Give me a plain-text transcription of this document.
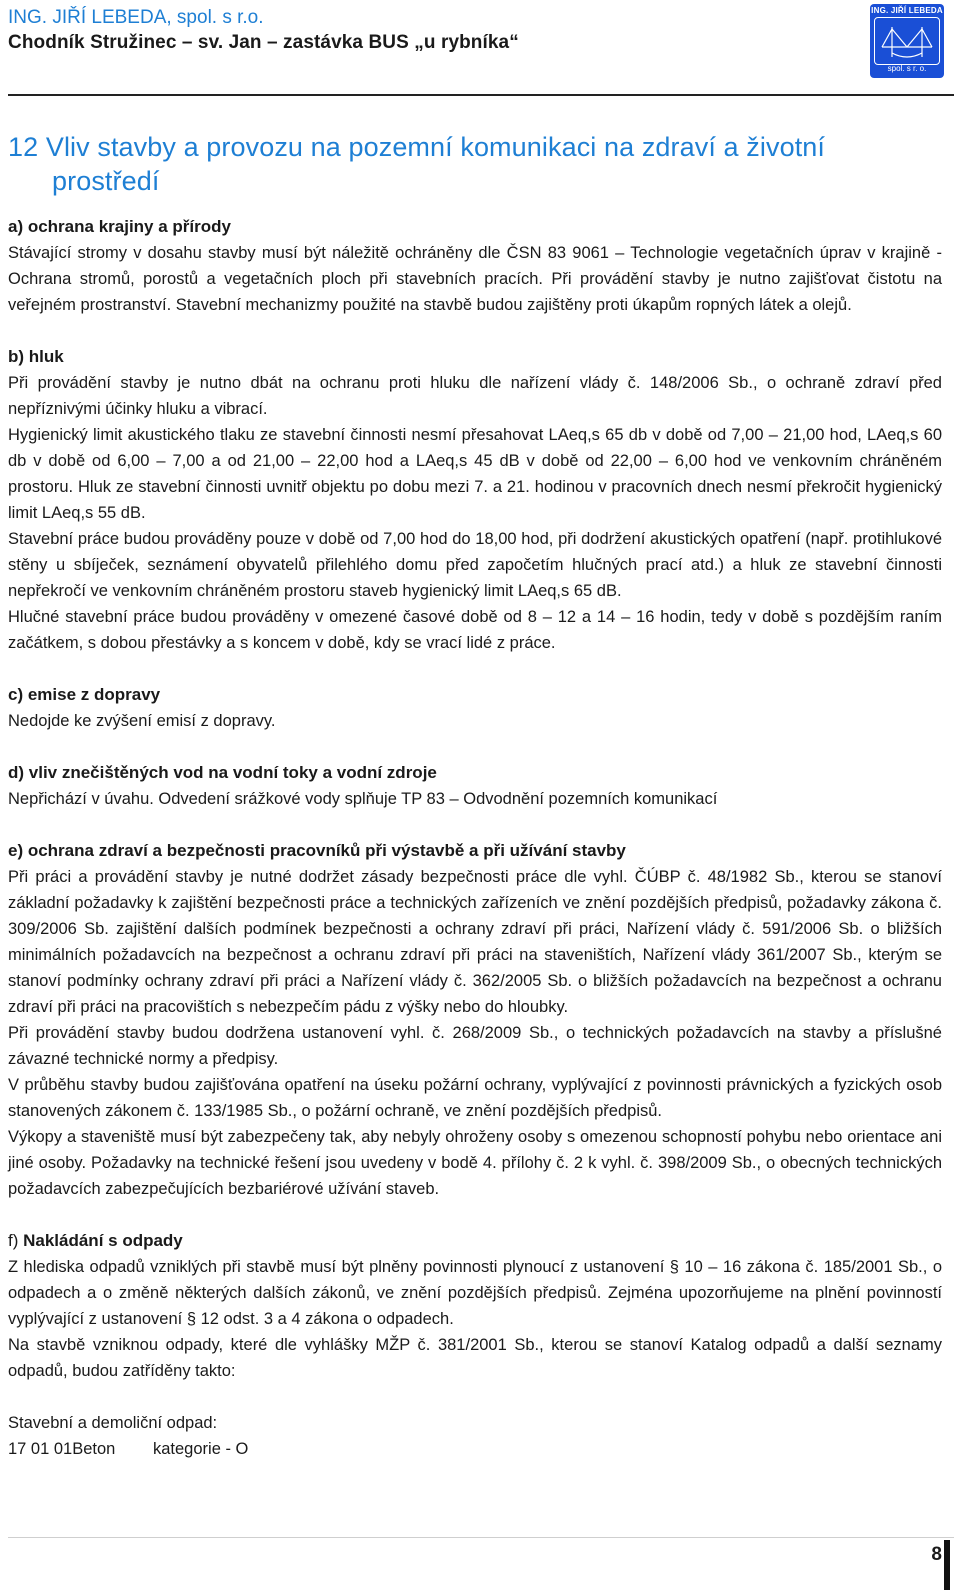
ING. JIŘÍ LEBEDA, spol. s r.o.
Chodník Stružinec – sv. Jan – zastávka BUS „u rybníka“
ING. JIŘÍ LEBEDA
spol. s r. o.
12 Vliv stavby a provozu na pozemní komunikaci na zdraví a životní
prostředí
a) ochrana krajiny a přírody

Stávající stromy v dosahu stavby musí být náležitě ochráněny dle ČSN 83 9061 – Technologie vegetačních úprav v krajině - Ochrana stromů, porostů a vegetačních ploch při stavebních pracích. Při provádění stavby je nutno zajišťovat čistotu na veřejném prostranství. Stavební mechanizmy použité na stavbě budou zajištěny proti úkapům ropných látek a olejů.

b) hluk

Při provádění stavby je nutno dbát na ochranu proti hluku dle nařízení vlády č. 148/2006 Sb., o ochraně zdraví před nepříznivými účinky hluku a vibrací.

Hygienický limit akustického tlaku ze stavební činnosti nesmí přesahovat LAeq,s 65 db v době od 7,00 – 21,00 hod, LAeq,s 60 db v době od 6,00 – 7,00 a od 21,00 – 22,00 hod a LAeq,s 45 dB v době od 22,00 – 6,00 hod ve venkovním chráněném prostoru. Hluk ze stavební činnosti uvnitř objektu po dobu mezi 7. a 21. hodinou v pracovních dnech nesmí překročit hygienický limit LAeq,s 55 dB.

Stavební práce budou prováděny pouze v době od 7,00 hod do 18,00 hod, při dodržení akustických opatření (např. protihlukové stěny u sbíječek, seznámení obyvatelů přilehlého domu před započetím hlučných prací atd.) a hluk ze stavební činnosti nepřekročí ve venkovním chráněném prostoru staveb hygienický limit LAeq,s 65 dB.

Hlučné stavební práce budou prováděny v omezené časové době od 8 – 12 a 14 – 16 hodin, tedy v době s pozdějším raním začátkem, s dobou přestávky a s koncem v době, kdy se vrací lidé z práce.

c) emise z dopravy

Nedojde ke zvýšení emisí z dopravy.

d) vliv znečištěných vod na vodní toky a vodní zdroje

Nepřichází v úvahu. Odvedení srážkové vody splňuje TP 83 – Odvodnění pozemních komunikací

e) ochrana zdraví a bezpečnosti pracovníků při výstavbě a při užívání stavby

Při práci a provádění stavby je nutné dodržet zásady bezpečnosti práce dle vyhl. ČÚBP č. 48/1982 Sb., kterou se stanoví základní požadavky k zajištění bezpečnosti práce a technických zařízeních ve znění pozdějších předpisů, požadavky zákona č. 309/2006 Sb. zajištění dalších podmínek bezpečnosti a ochrany zdraví při práci, Nařízení vlády č. 591/2006 Sb. o bližších minimálních požadavcích na bezpečnost a ochranu zdraví při práci na staveništích, Nařízení vlády 361/2007 Sb., kterým se stanoví podmínky ochrany zdraví při práci a Nařízení vlády č. 362/2005 Sb. o bližších požadavcích na bezpečnost a ochranu zdraví při práci na pracovištích s nebezpečím pádu z výšky nebo do hloubky.

Při provádění stavby budou dodržena ustanovení vyhl. č. 268/2009 Sb., o technických požadavcích na stavby a příslušné závazné technické normy a předpisy.

V průběhu stavby budou zajišťována opatření na úseku požární ochrany, vyplývající z povinnosti právnických a fyzických osob stanovených zákonem č. 133/1985 Sb., o požární ochraně, ve znění pozdějších předpisů.

Výkopy a staveniště musí být zabezpečeny tak, aby nebyly ohroženy osoby s omezenou schopností pohybu nebo orientace ani jiné osoby. Požadavky na technické řešení jsou uvedeny v bodě 4. přílohy č. 2 k vyhl. č. 398/2009 Sb., o obecných technických požadavcích zabezpečujících bezbariérové užívání staveb.

f) Nakládání s odpady

Z hlediska odpadů vzniklých při stavbě musí být plněny povinnosti plynoucí z ustanovení § 10 – 16 zákona č. 185/2001 Sb., o odpadech a o změně některých dalších zákonů, ve znění pozdějších předpisů. Zejména upozorňujeme na plnění povinností vyplývající z ustanovení § 12 odst. 3 a 4 zákona o odpadech.

Na stavbě vzniknou odpady, které dle vyhlášky MŽP č. 381/2001 Sb., kterou se stanoví Katalog odpadů a další seznamy odpadů, budou zatříděny takto:

Stavební a demoliční odpad:

17 01 01Beton	kategorie - O
8
